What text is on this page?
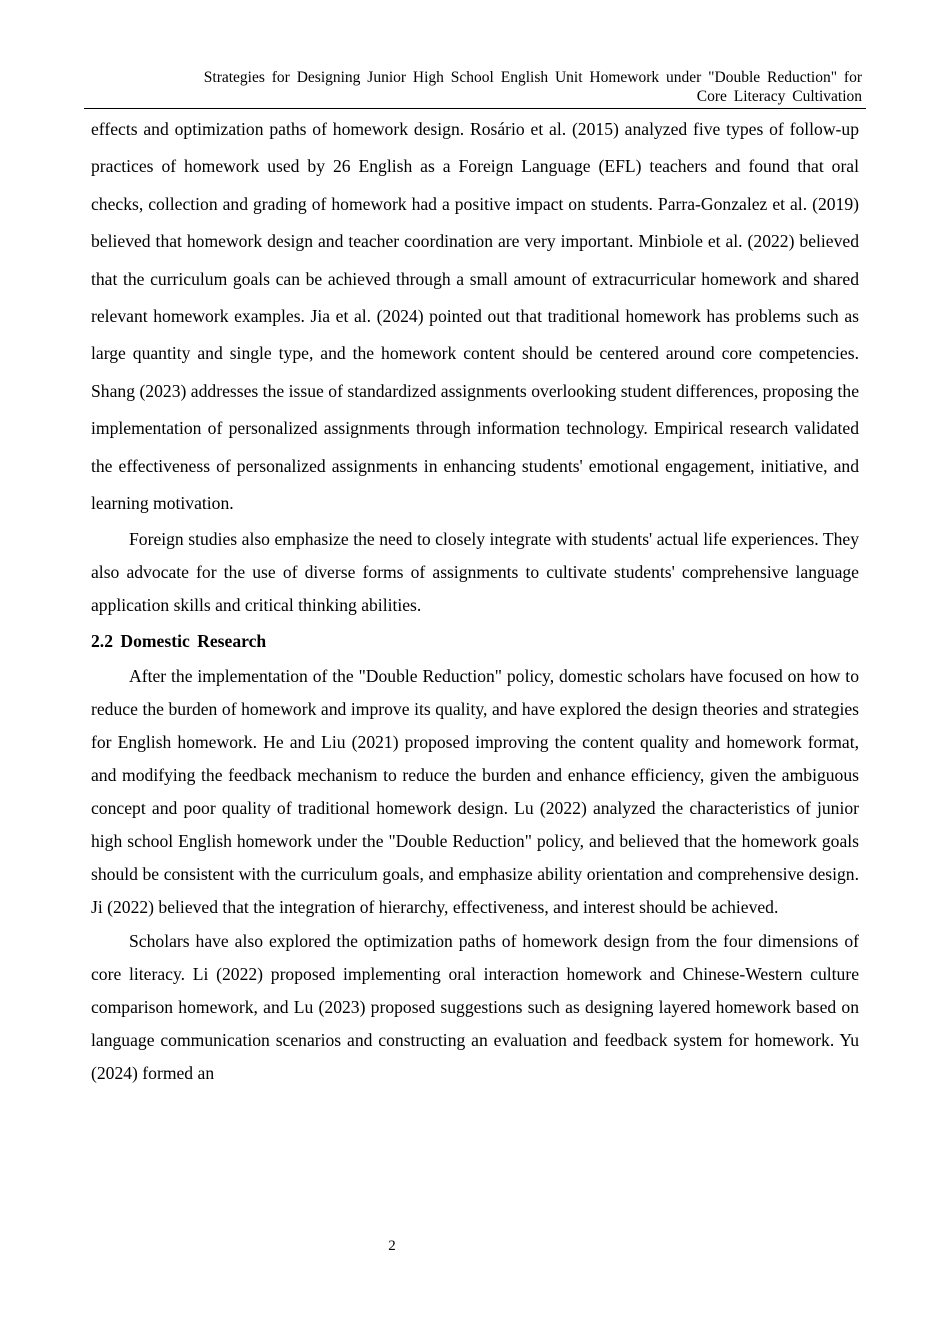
Strategies for Designing Junior High School English Unit Homework under "Double Reduction" for
Core Literacy Cultivation

effects and optimization paths of homework design. Rosário et al. (2015) analyzed five types of follow-up practices of homework used by 26 English as a Foreign Language (EFL) teachers and found that oral checks, collection and grading of homework had a positive impact on students. Parra-Gonzalez et al. (2019) believed that homework design and teacher coordination are very important. Minbiole et al. (2022) believed that the curriculum goals can be achieved through a small amount of extracurricular homework and shared relevant homework examples. Jia et al. (2024) pointed out that traditional homework has problems such as large quantity and single type, and the homework content should be centered around core competencies. Shang (2023) addresses the issue of standardized assignments overlooking student differences, proposing the implementation of personalized assignments through information technology. Empirical research validated the effectiveness of personalized assignments in enhancing students' emotional engagement, initiative, and learning motivation.

Foreign studies also emphasize the need to closely integrate with students' actual life experiences. They also advocate for the use of diverse forms of assignments to cultivate students' comprehensive language application skills and critical thinking abilities.

2.2 Domestic Research

After the implementation of the "Double Reduction" policy, domestic scholars have focused on how to reduce the burden of homework and improve its quality, and have explored the design theories and strategies for English homework. He and Liu (2021) proposed improving the content quality and homework format, and modifying the feedback mechanism to reduce the burden and enhance efficiency, given the ambiguous concept and poor quality of traditional homework design. Lu (2022) analyzed the characteristics of junior high school English homework under the "Double Reduction" policy, and believed that the homework goals should be consistent with the curriculum goals, and emphasize ability orientation and comprehensive design. Ji (2022) believed that the integration of hierarchy, effectiveness, and interest should be achieved.

Scholars have also explored the optimization paths of homework design from the four dimensions of core literacy. Li (2022) proposed implementing oral interaction homework and Chinese-Western culture comparison homework, and Lu (2023) proposed suggestions such as designing layered homework based on language communication scenarios and constructing an evaluation and feedback system for homework. Yu (2024) formed an

2
